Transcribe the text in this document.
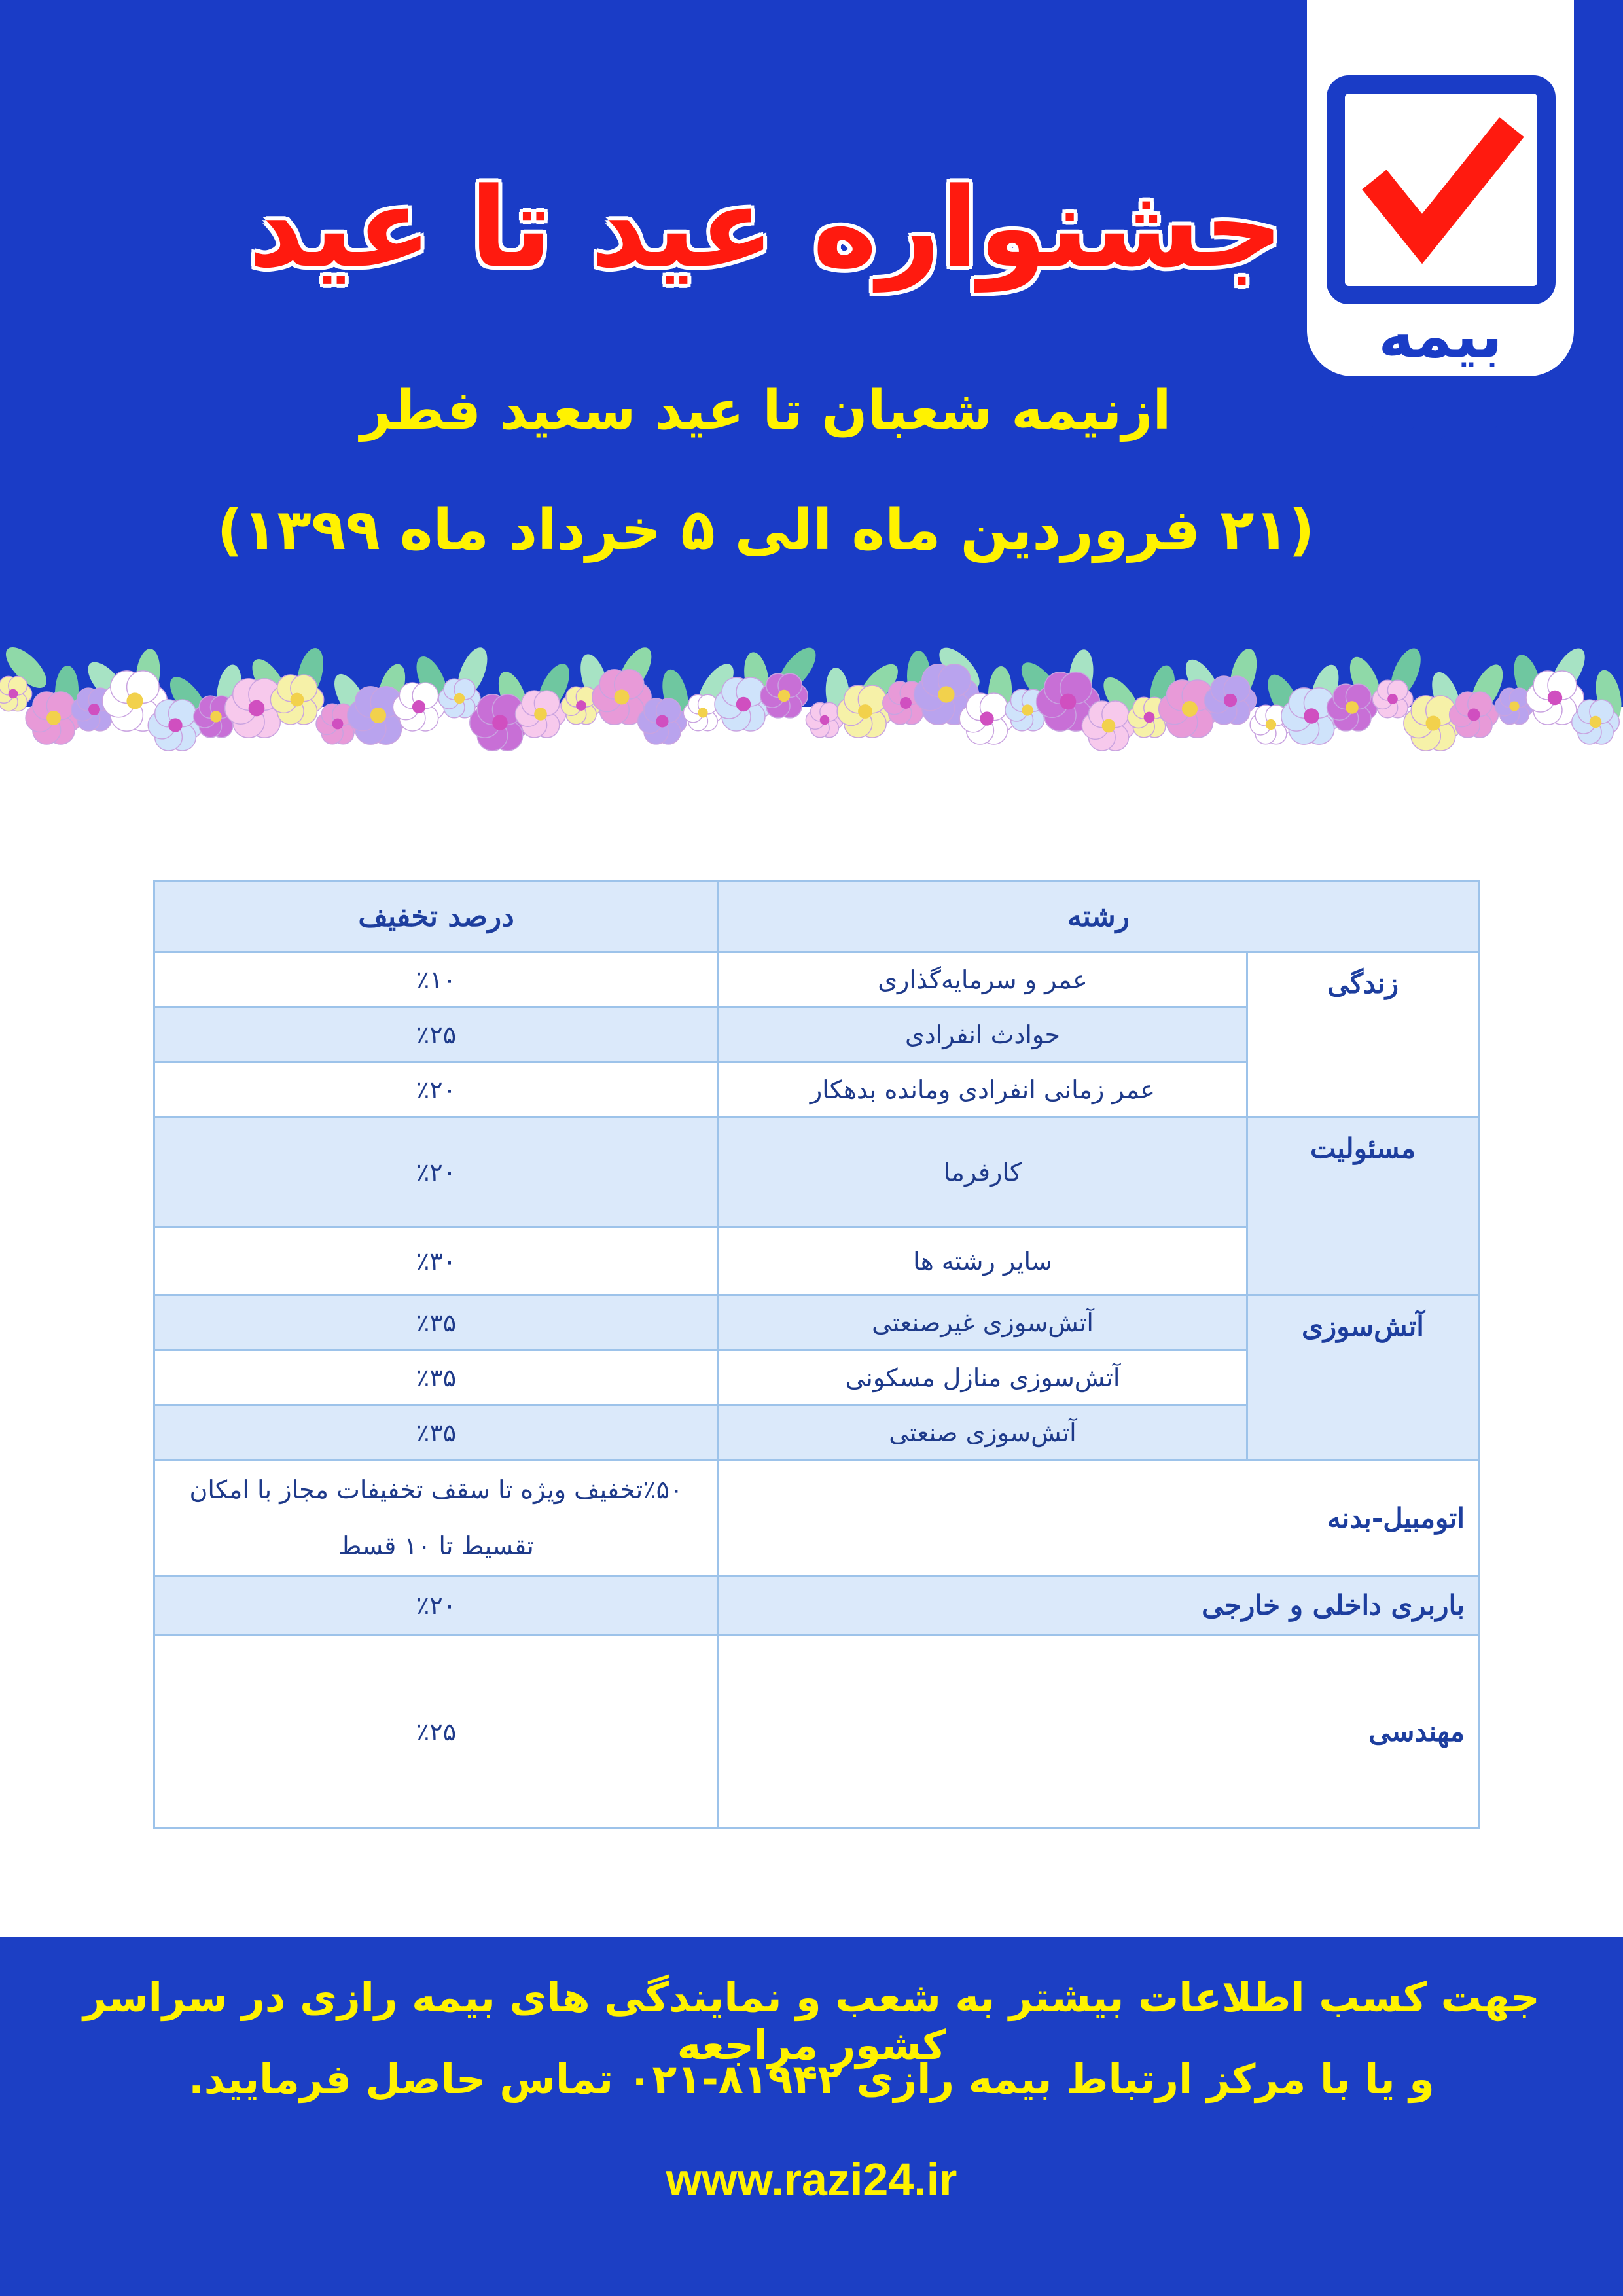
بیمه رازی
جشنواره عید تا عید
ازنیمه شعبان تا عید سعید فطر
(۲۱ فروردین ماه الی ۵ خرداد ماه ۱۳۹۹)
رشته		درصد تخفیف
زندگی	عمر و سرمایه‌گذاری	٪۱۰
	حوادث انفرادی	٪۲۵
	عمر زمانی انفرادی ومانده بدهکار	٪۲۰
مسئولیت	کارفرما	٪۲۰
	سایر رشته ها	٪۳۰
آتش‌سوزی	آتش‌سوزی غیرصنعتی	٪۳۵
	آتش‌سوزی منازل مسکونی	٪۳۵
	آتش‌سوزی صنعتی	٪۳۵
اتومبیل-بدنه		٪۵۰تخفیف ویژه تا سقف تخفیفات مجاز با امکان
تقسیط تا ۱۰ قسط

باربری داخلی و خارجی		٪۲۰
مهندسی		٪۲۵
جهت کسب اطلاعات بیشتر به شعب و نمایندگی های بیمه رازی در سراسر کشور مراجعه
و یا با مرکز ارتباط بیمه رازی ۸۱۹۴۲-۰۲۱ تماس حاصل فرمایید.
www.razi24.ir
